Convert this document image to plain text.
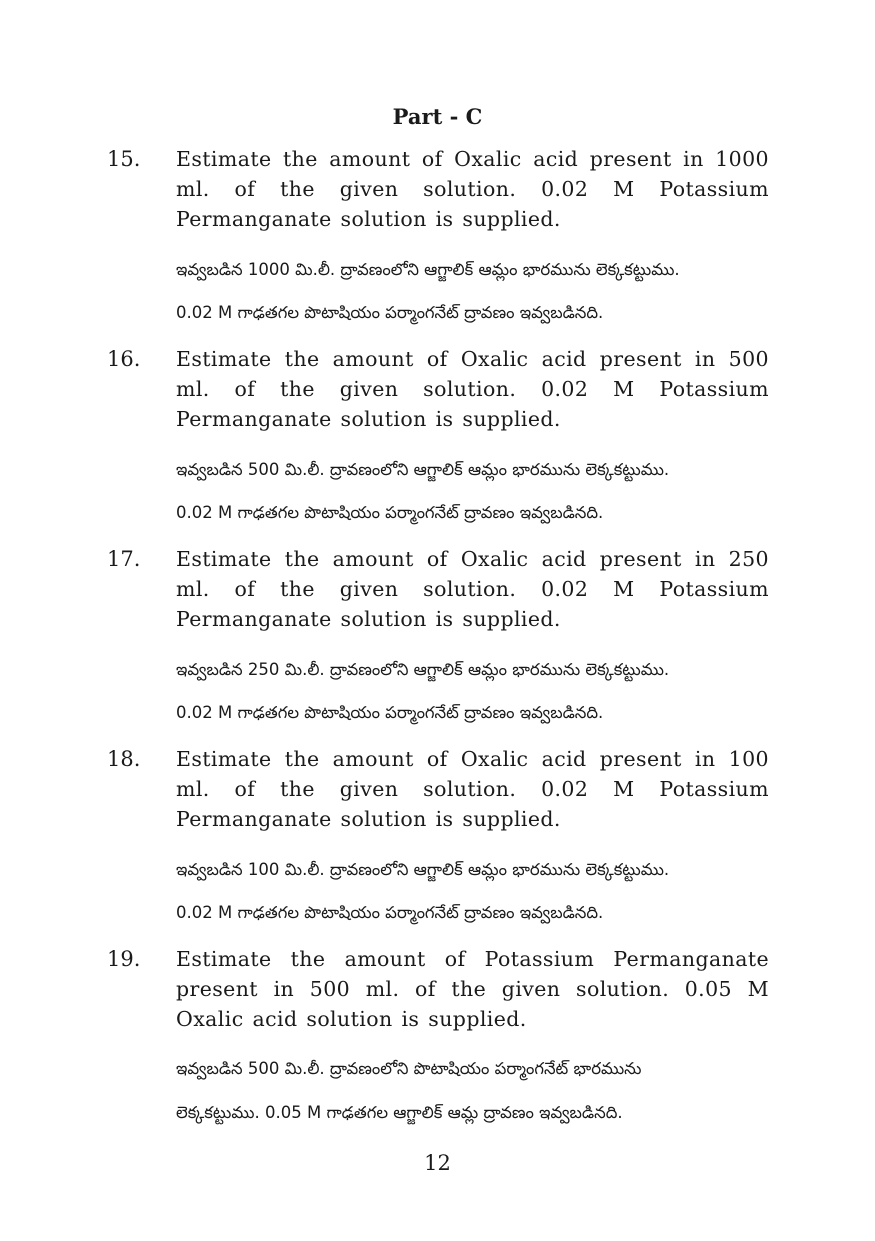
Part - C
15. Estimate the amount of Oxalic acid present in 1000 ml. of the given solution. 0.02 M Potassium Permanganate solution is supplied.
ఇవ్వబడిన 1000 మి.లీ. ద్రావణంలోని ఆగ్జాలిక్ ఆమ్లం భారమును లెక్కకట్టుము.
0.02 M గాఢతగల పొటాషియం పర్మాంగనేట్ ద్రావణం ఇవ్వబడినది.
16. Estimate the amount of Oxalic acid present in 500 ml. of the given solution. 0.02 M Potassium Permanganate solution is supplied.
ఇవ్వబడిన 500 మి.లీ. ద్రావణంలోని ఆగ్జాలిక్ ఆమ్లం భారమును లెక్కకట్టుము.
0.02 M గాఢతగల పొటాషియం పర్మాంగనేట్ ద్రావణం ఇవ్వబడినది.
17. Estimate the amount of Oxalic acid present in 250 ml. of the given solution. 0.02 M Potassium Permanganate solution is supplied.
ఇవ్వబడిన 250 మి.లీ. ద్రావణంలోని ఆగ్జాలిక్ ఆమ్లం భారమును లెక్కకట్టుము.
0.02 M గాఢతగల పొటాషియం పర్మాంగనేట్ ద్రావణం ఇవ్వబడినది.
18. Estimate the amount of Oxalic acid present in 100 ml. of the given solution. 0.02 M Potassium Permanganate solution is supplied.
ఇవ్వబడిన 100 మి.లీ. ద్రావణంలోని ఆగ్జాలిక్ ఆమ్లం భారమును లెక్కకట్టుము.
0.02 M గాఢతగల పొటాషియం పర్మాంగనేట్ ద్రావణం ఇవ్వబడినది.
19. Estimate the amount of Potassium Permanganate present in 500 ml. of the given solution. 0.05 M Oxalic acid solution is supplied.
ఇవ్వబడిన 500 మి.లీ. ద్రావణంలోని పొటాషియం పర్మాంగనేట్ భారమును
లెక్కకట్టుము. 0.05 M గాఢతగల ఆగ్జాలిక్ ఆమ్ల ద్రావణం ఇవ్వబడినది.
12
